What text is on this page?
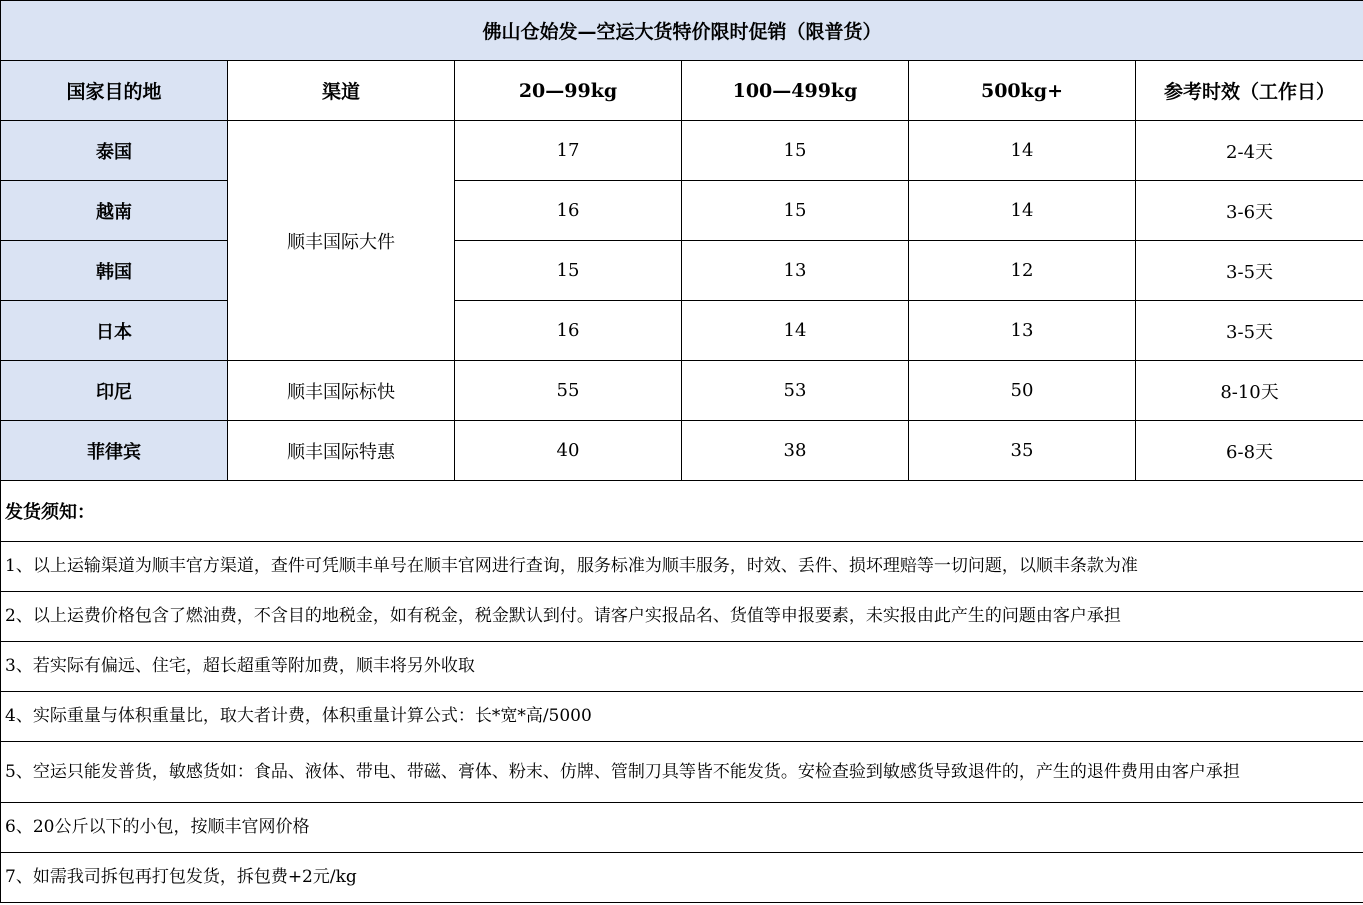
佛山仓始发—空运大货特价限时促销（限普货）					
国家目的地	渠道	20—99kg	100—499kg	500kg+	参考时效（工作日）
泰国	顺丰国际大件	17	15	14	2-4天
越南		16	15	14	3-6天
韩国		15	13	12	3-5天
日本		16	14	13	3-5天
印尼	顺丰国际标快	55	53	50	8-10天
菲律宾	顺丰国际特惠	40	38	35	6-8天
发货须知：					
1、以上运输渠道为顺丰官方渠道，查件可凭顺丰单号在顺丰官网进行查询，服务标准为顺丰服务，时效、丢件、损坏理赔等一切问题，以顺丰条款为准					
2、以上运费价格包含了燃油费，不含目的地税金，如有税金，税金默认到付。请客户实报品名、货值等申报要素，未实报由此产生的问题由客户承担					
3、若实际有偏远、住宅，超长超重等附加费，顺丰将另外收取					
4、实际重量与体积重量比，取大者计费，体积重量计算公式：长*宽*高/5000					
5、空运只能发普货，敏感货如：食品、液体、带电、带磁、膏体、粉末、仿牌、管制刀具等皆不能发货。安检查验到敏感货导致退件的，产生的退件费用由客户承担					
6、20公斤以下的小包，按顺丰官网价格					
7、如需我司拆包再打包发货，拆包费+2元/kg					
